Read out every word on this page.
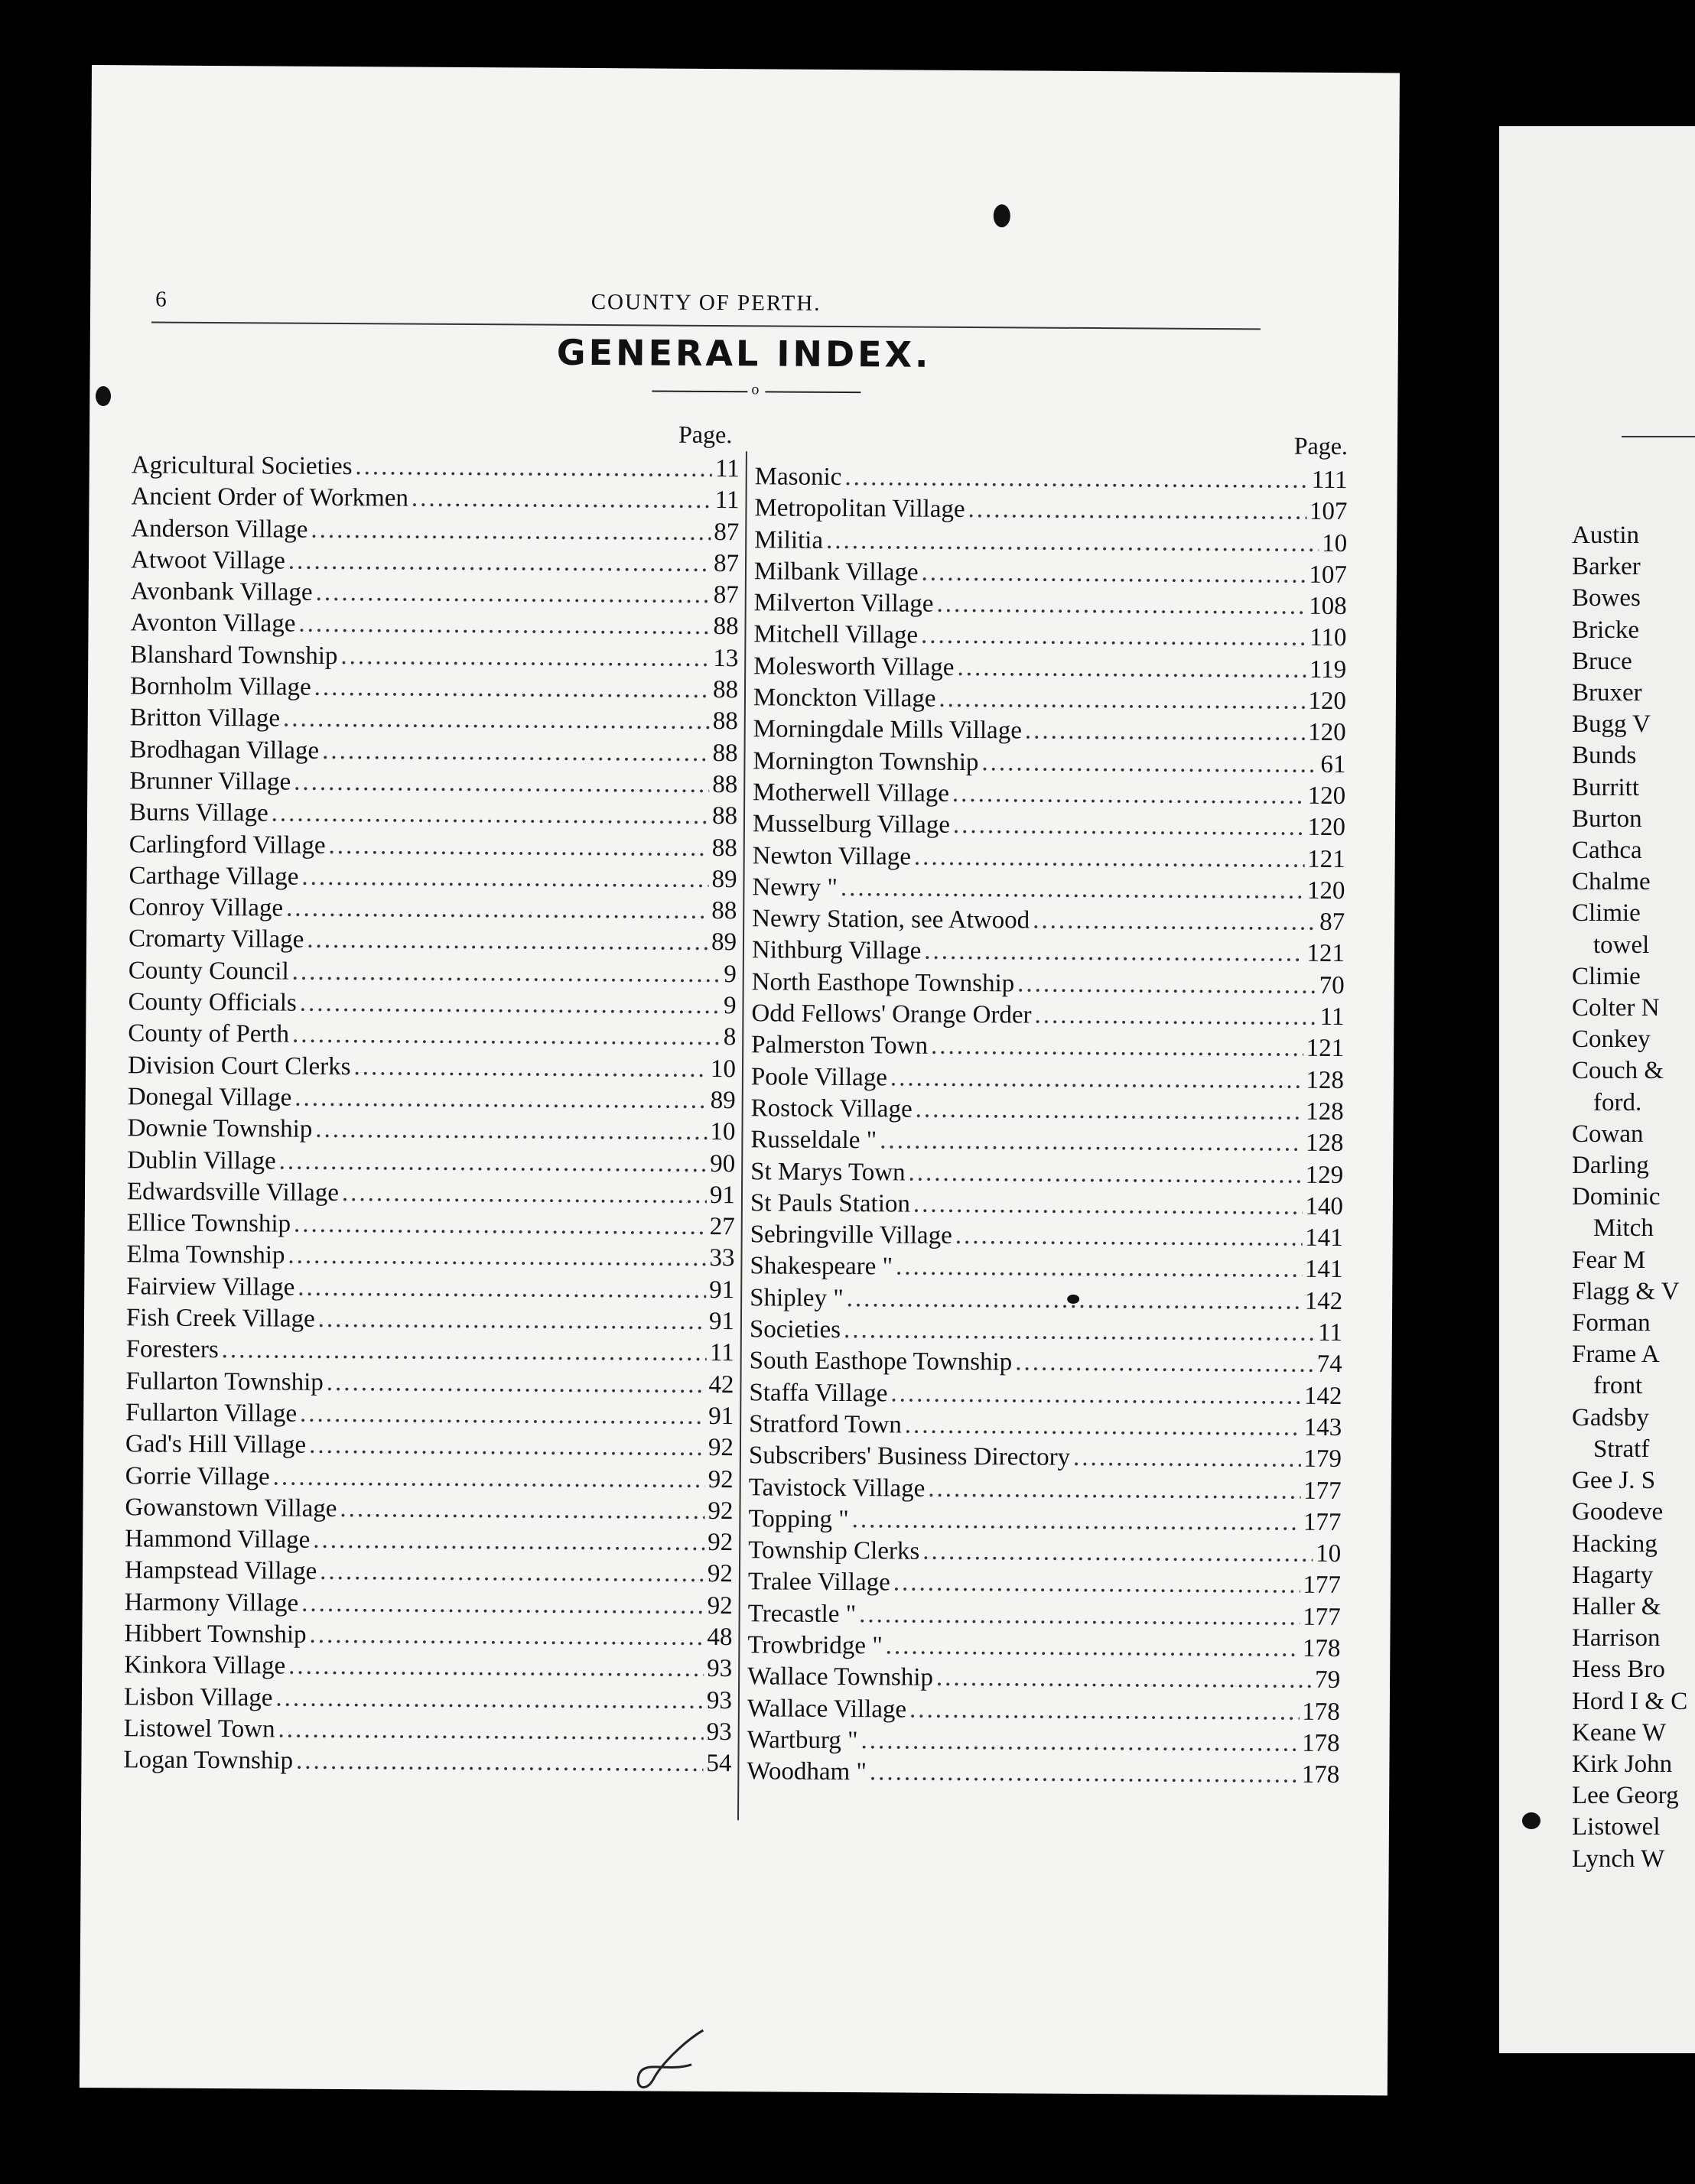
6	COUNTY OF PERTH.
GENERAL INDEX.
o
Page.
Agricultural Societies .....	11
Ancient Order of Workmen .....	11
Anderson Village .....	87
Atwoot Village .....	87
Avonbank Village .....	87
Avonton Village .....	88
Blanshard Township .....	13
Bornholm Village .....	88
Britton Village .....	88
Brodhagan Village .....	88
Brunner Village .....	88
Burns Village .....	88
Carlingford Village .....	88
Carthage Village .....	89
Conroy Village .....	88
Cromarty Village .....	89
County Council .....	9
County Officials .....	9
County of Perth .....	8
Division Court Clerks .....	10
Donegal Village .....	89
Downie Township .....	10
Dublin Village .....	90
Edwardsville Village .....	91
Ellice Township .....	27
Elma Township .....	33
Fairview Village .....	91
Fish Creek Village .....	91
Foresters .....	11
Fullarton Township .....	42
Fullarton Village .....	91
Gad's Hill Village .....	92
Gorrie Village .....	92
Gowanstown Village .....	92
Hammond Village .....	92
Hampstead Village .....	92
Harmony Village .....	92
Hibbert Township .....	48
Kinkora Village .....	93
Lisbon Village .....	93
Listowel Town .....	93
Logan Township .....	54
Page.
Masonic .....	111
Metropolitan Village .....	107
Militia .....	10
Milbank Village .....	107
Milverton Village .....	108
Mitchell Village .....	110
Molesworth Village .....	119
Monckton Village .....	120
Morningdale Mills Village .....	120
Mornington Township .....	61
Motherwell Village .....	120
Musselburg Village .....	120
Newton Village .....	121
Newry " .....	120
Newry Station, see Atwood .....	87
Nithburg Village .....	121
North Easthope Township .....	70
Odd Fellows' Orange Order .....	11
Palmerston Town .....	121
Poole Village .....	128
Rostock Village .....	128
Russeldale " .....	128
St Marys Town .....	129
St Pauls Station .....	140
Sebringville Village .....	141
Shakespeare " .....	141
Shipley " .....	142
Societies .....	11
South Easthope Township .....	74
Staffa Village .....	142
Stratford Town .....	143
Subscribers' Business Directory .....	179
Tavistock Village .....	177
Topping " .....	177
Township Clerks .....	10
Tralee Village .....	177
Trecastle " .....	177
Trowbridge " .....	178
Wallace Township .....	79
Wallace Village .....	178
Wartburg " .....	178
Woodham " .....	178
Austin
Barker
Bowes
Bricke
Bruce
Bruxer
Bugg V
Bunds
Burritt
Burton
Cathca
Chalme
Climie
towel
Climie
Colter N
Conkey
Couch &
ford.
Cowan
Darling
Dominic
Mitch
Fear M
Flagg & V
Forman
Frame A
front
Gadsby
Stratf
Gee J. S
Goodeve
Hacking
Hagarty
Haller &
Harrison
Hess Bro
Hord I & C
Keane W
Kirk John
Lee Georg
Listowel
Lynch W
